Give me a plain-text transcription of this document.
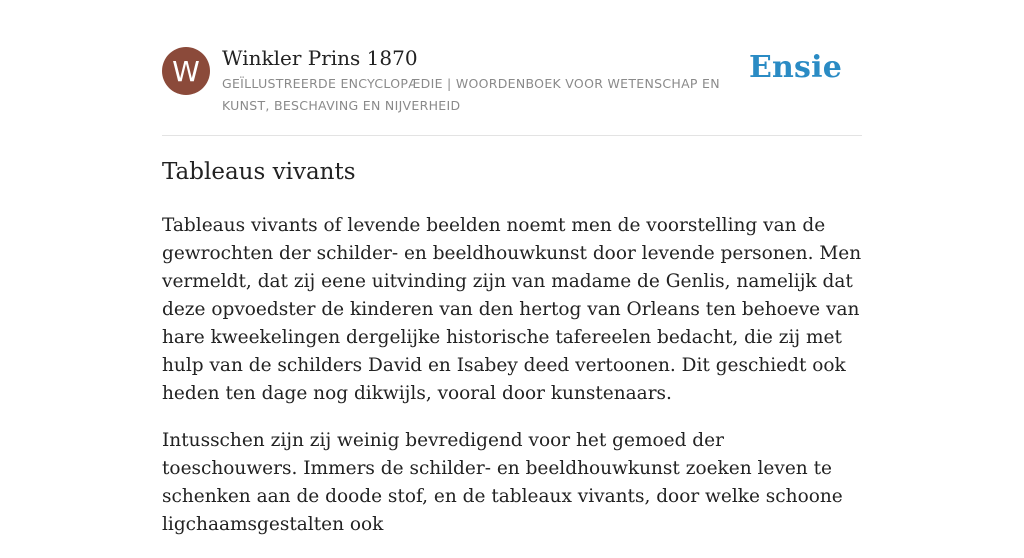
W	Winkler Prins 1870
GEÏLLUSTREERDE ENCYCLOPÆDIE | WOORDENBOEK VOOR WETENSCHAP EN KUNST, BESCHAVING EN NIJVERHEID
Ensie
Tableaus vivants

Tableaus vivants of levende beelden noemt men de voorstelling van de gewrochten der schilder- en beeldhouwkunst door levende personen. Men vermeldt, dat zij eene uitvinding zijn van madame de Genlis, namelijk dat deze opvoedster de kinderen van den hertog van Orleans ten behoeve van hare kweekelingen dergelijke historische tafereelen bedacht, die zij met hulp van de schilders David en Isabey deed vertoonen. Dit geschiedt ook heden ten dage nog dikwijls, vooral door kunstenaars.

Intusschen zijn zij weinig bevredigend voor het gemoed der toeschouwers. Immers de schilder- en beeldhouwkunst zoeken leven te schenken aan de doode stof, en de tableaux vivants, door welke schoone ligchaamsgestalten ook
